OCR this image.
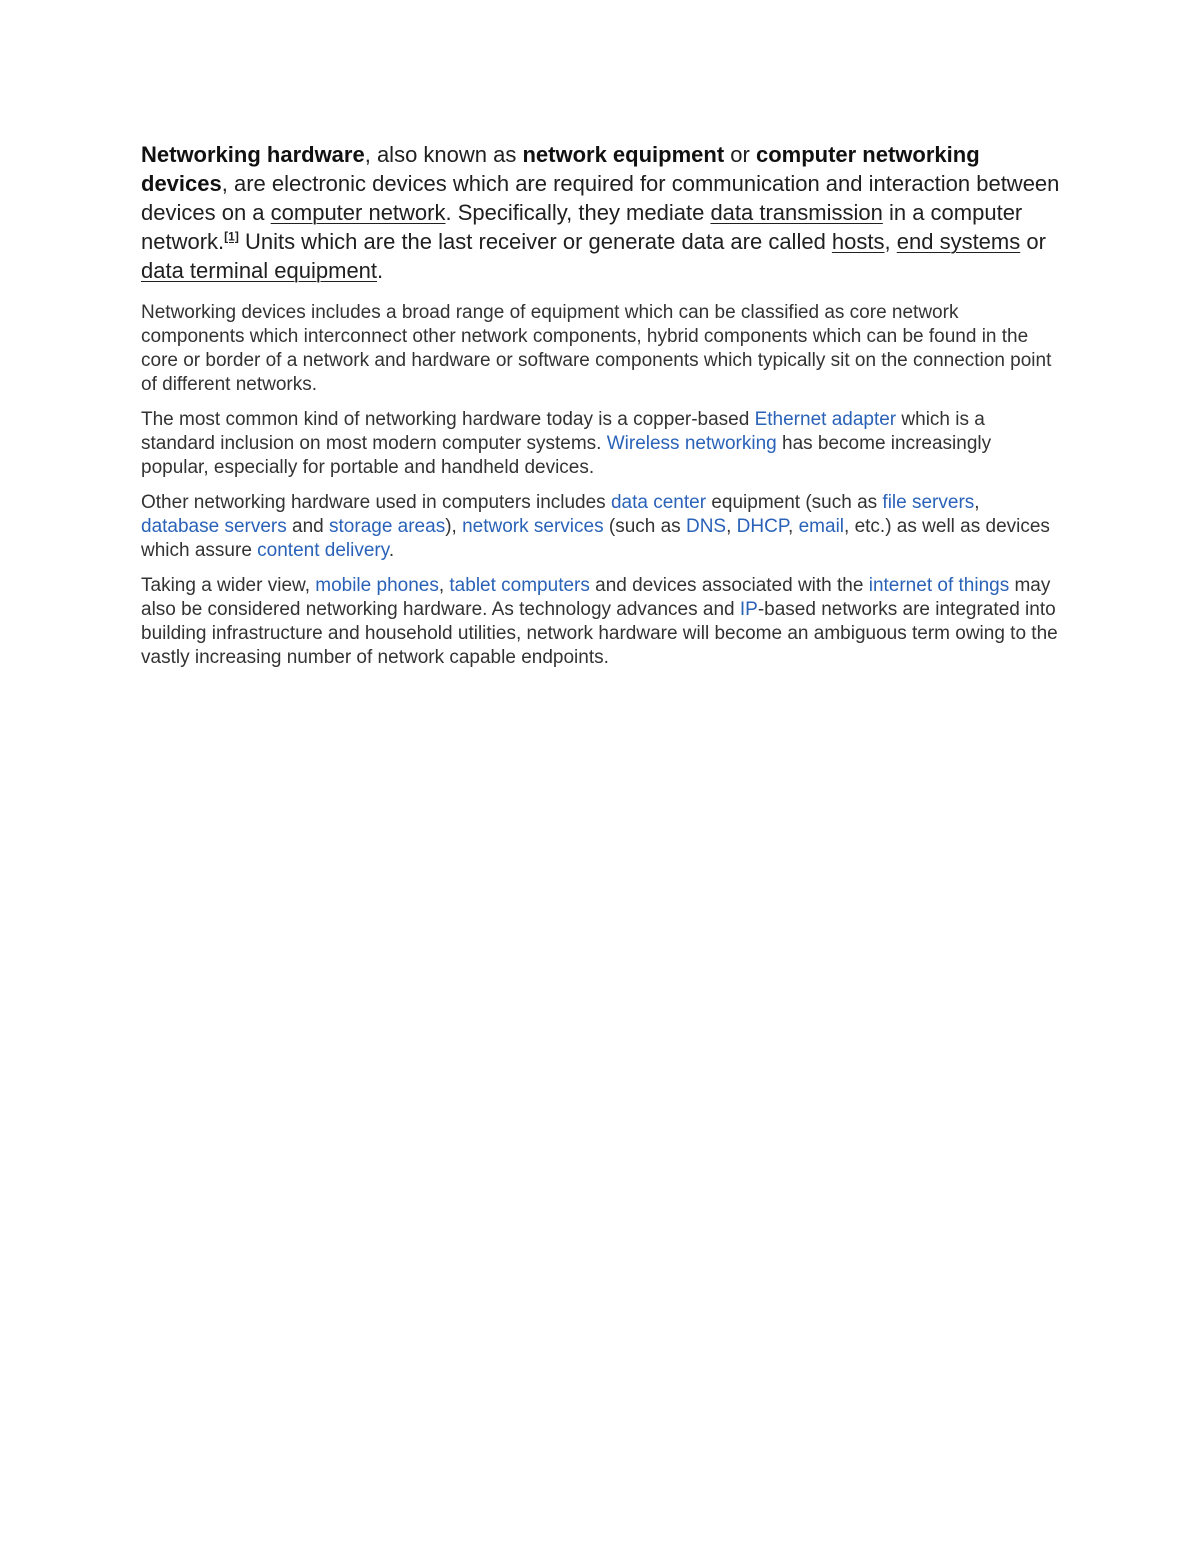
Networking hardware, also known as network equipment or computer networking devices, are electronic devices which are required for communication and interaction between devices on a computer network. Specifically, they mediate data transmission in a computer network.[1] Units which are the last receiver or generate data are called hosts, end systems or data terminal equipment.

Networking devices includes a broad range of equipment which can be classified as core network components which interconnect other network components, hybrid components which can be found in the core or border of a network and hardware or software components which typically sit on the connection point of different networks.

The most common kind of networking hardware today is a copper-based Ethernet adapter which is a standard inclusion on most modern computer systems. Wireless networking has become increasingly popular, especially for portable and handheld devices.

Other networking hardware used in computers includes data center equipment (such as file servers, database servers and storage areas), network services (such as DNS, DHCP, email, etc.) as well as devices which assure content delivery.

Taking a wider view, mobile phones, tablet computers and devices associated with the internet of things may also be considered networking hardware. As technology advances and IP-based networks are integrated into building infrastructure and household utilities, network hardware will become an ambiguous term owing to the vastly increasing number of network capable endpoints.
